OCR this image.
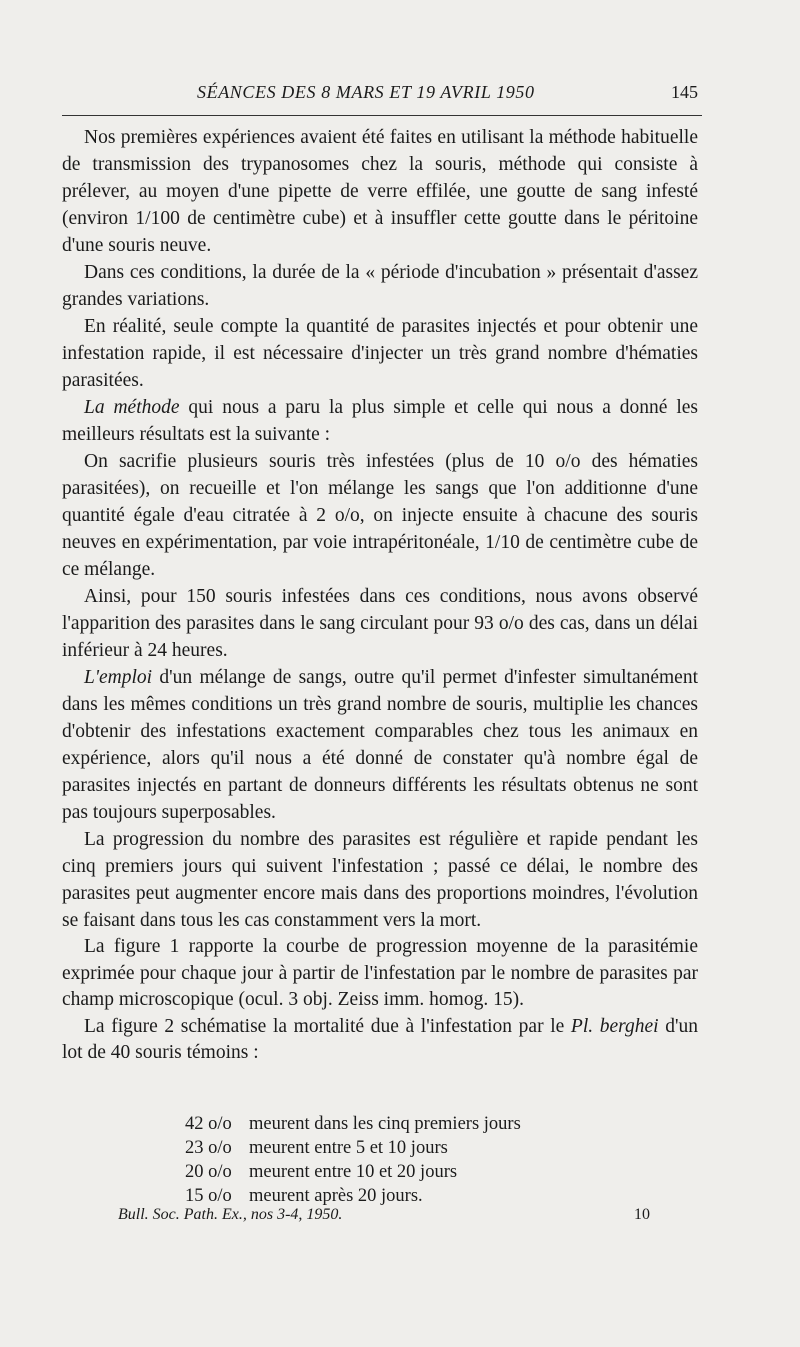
SÉANCES DES 8 MARS ET 19 AVRIL 1950	145

Nos premières expériences avaient été faites en utilisant la méthode habituelle de transmission des trypanosomes chez la souris, méthode qui consiste à prélever, au moyen d'une pipette de verre effilée, une goutte de sang infesté (environ 1/100 de centimètre cube) et à insuffler cette goutte dans le péritoine d'une souris neuve.

Dans ces conditions, la durée de la « période d'incubation » présentait d'assez grandes variations.

En réalité, seule compte la quantité de parasites injectés et pour obtenir une infestation rapide, il est nécessaire d'injecter un très grand nombre d'hématies parasitées.

La méthode qui nous a paru la plus simple et celle qui nous a donné les meilleurs résultats est la suivante :

On sacrifie plusieurs souris très infestées (plus de 10 o/o des hématies parasitées), on recueille et l'on mélange les sangs que l'on additionne d'une quantité égale d'eau citratée à 2 o/o, on injecte ensuite à chacune des souris neuves en expérimentation, par voie intrapéritonéale, 1/10 de centimètre cube de ce mélange.

Ainsi, pour 150 souris infestées dans ces conditions, nous avons observé l'apparition des parasites dans le sang circulant pour 93 o/o des cas, dans un délai inférieur à 24 heures.

L'emploi d'un mélange de sangs, outre qu'il permet d'infester simultanément dans les mêmes conditions un très grand nombre de souris, multiplie les chances d'obtenir des infestations exactement comparables chez tous les animaux en expérience, alors qu'il nous a été donné de constater qu'à nombre égal de parasites injectés en partant de donneurs différents les résultats obtenus ne sont pas toujours superposables.

La progression du nombre des parasites est régulière et rapide pendant les cinq premiers jours qui suivent l'infestation ; passé ce délai, le nombre des parasites peut augmenter encore mais dans des proportions moindres, l'évolution se faisant dans tous les cas constamment vers la mort.

La figure 1 rapporte la courbe de progression moyenne de la parasitémie exprimée pour chaque jour à partir de l'infestation par le nombre de parasites par champ microscopique (ocul. 3 obj. Zeiss imm. homog. 15).

La figure 2 schématise la mortalité due à l'infestation par le Pl. berghei d'un lot de 40 souris témoins :

42 o/o meurent dans les cinq premiers jours
23 o/o meurent entre 5 et 10 jours
20 o/o meurent entre 10 et 20 jours
15 o/o meurent après 20 jours.
Bull. Soc. Path. Ex., nos 3-4, 1950.	10
